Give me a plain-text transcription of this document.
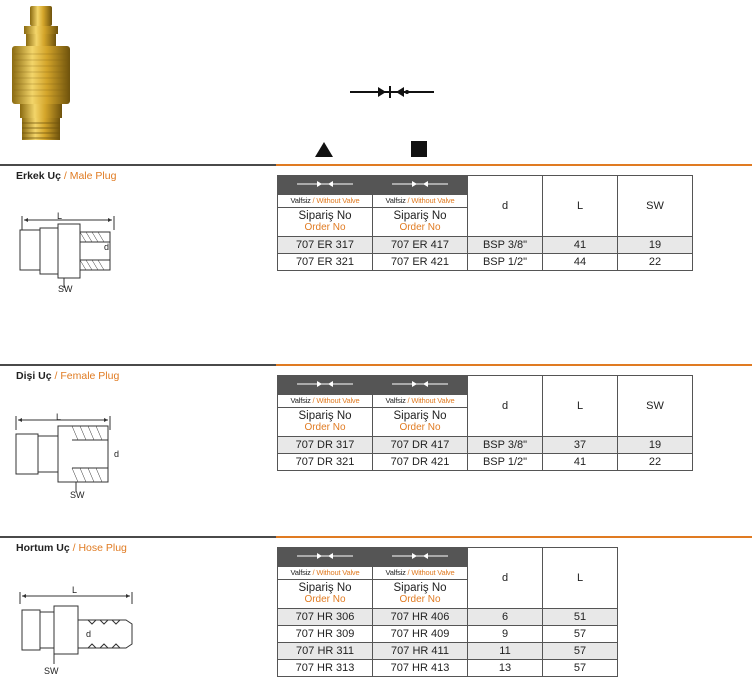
Erkek Uç / Male Plug
L
d
SW
		d	L	SW
Valfsiz / Without Valve	Valfsiz / Without Valve			

Sipariş No
Order No	Sipariş No
Order No			

707 ER 317	707 ER 417	BSP 3/8"	41	19
707 ER 321	707 ER 421	BSP 1/2"	44	22
Dişi Uç / Female Plug
L
d
SW
		d	L	SW
Valfsiz / Without Valve	Valfsiz / Without Valve			

Sipariş No
Order No	Sipariş No
Order No			

707 DR 317	707 DR 417	BSP 3/8"	37	19
707 DR 321	707 DR 421	BSP 1/2"	41	22
Hortum Uç / Hose Plug
L
d
SW
		d	L
Valfsiz / Without Valve	Valfsiz / Without Valve		

Sipariş No
Order No	Sipariş No
Order No		

707 HR 306	707 HR 406	6	51
707 HR 309	707 HR 409	9	57
707 HR 311	707 HR 411	11	57
707 HR 313	707 HR 413	13	57
